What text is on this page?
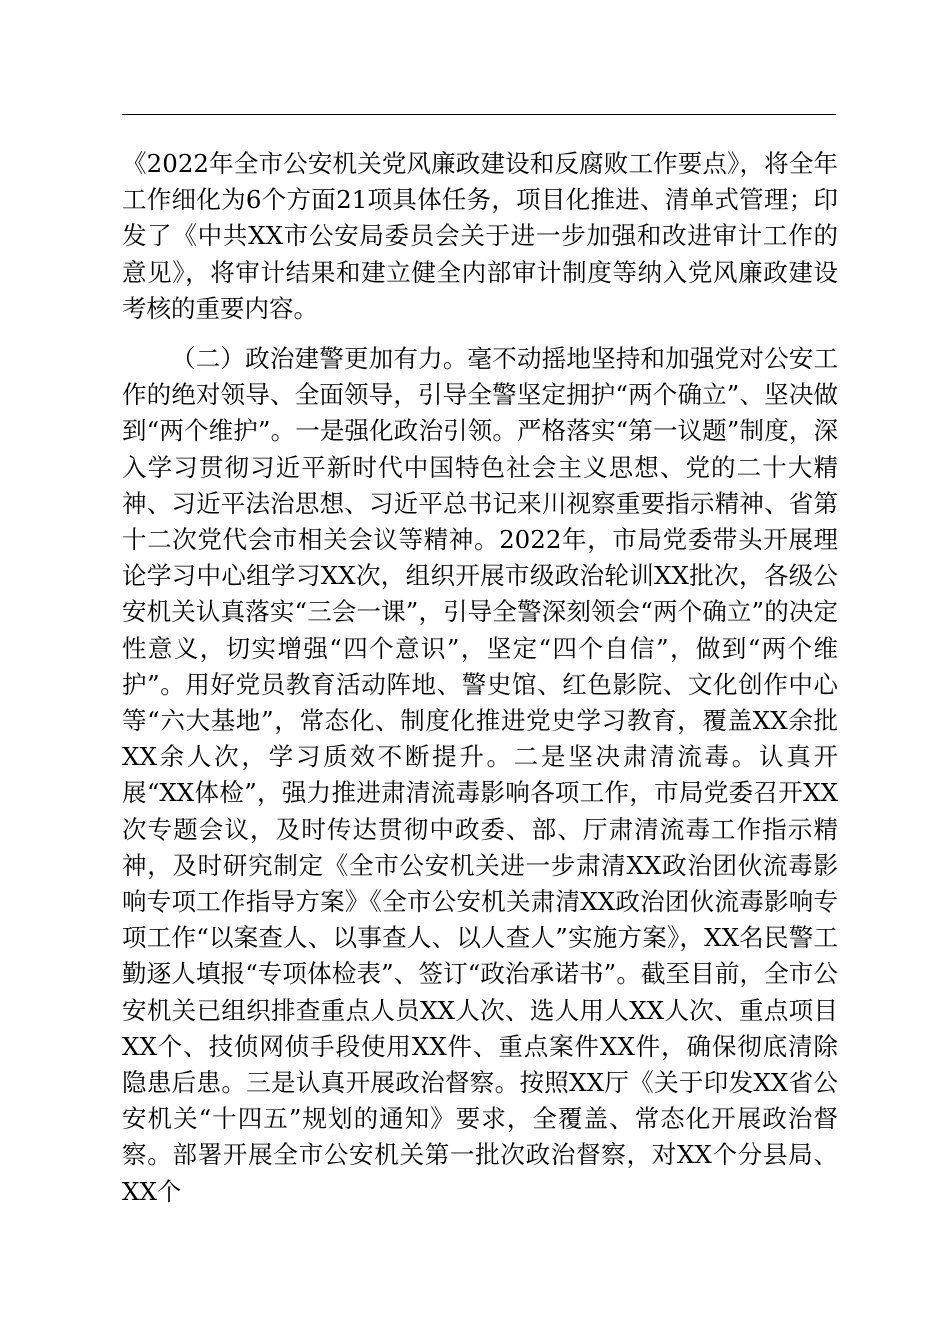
《2022年全市公安机关党风廉政建设和反腐败工作要点》，将全年工作细化为6个方面21项具体任务，项目化推进、清单式管理；印发了《中共XX市公安局委员会关于进一步加强和改进审计工作的意见》，将审计结果和建立健全内部审计制度等纳入党风廉政建设考核的重要内容。

（二）政治建警更加有力。毫不动摇地坚持和加强党对公安工作的绝对领导、全面领导，引导全警坚定拥护“两个确立”、坚决做到“两个维护”。一是强化政治引领。严格落实“第一议题”制度，深入学习贯彻习近平新时代中国特色社会主义思想、党的二十大精神、习近平法治思想、习近平总书记来川视察重要指示精神、省第十二次党代会市相关会议等精神。2022年，市局党委带头开展理论学习中心组学习XX次，组织开展市级政治轮训XX批次，各级公安机关认真落实“三会一课”，引导全警深刻领会“两个确立”的决定性意义，切实增强“四个意识”，坚定“四个自信”，做到“两个维护”。用好党员教育活动阵地、警史馆、红色影院、文化创作中心等“六大基地”，常态化、制度化推进党史学习教育，覆盖XX余批XX余人次，学习质效不断提升。二是坚决肃清流毒。认真开展“XX体检”，强力推进肃清流毒影响各项工作，市局党委召开XX次专题会议，及时传达贯彻中政委、部、厅肃清流毒工作指示精神，及时研究制定《全市公安机关进一步肃清XX政治团伙流毒影响专项工作指导方案》《全市公安机关肃清XX政治团伙流毒影响专项工作“以案查人、以事查人、以人查人”实施方案》，XX名民警工勤逐人填报“专项体检表”、签订“政治承诺书”。截至目前，全市公安机关已组织排查重点人员XX人次、选人用人XX人次、重点项目XX个、技侦网侦手段使用XX件、重点案件XX件，确保彻底清除隐患后患。三是认真开展政治督察。按照XX厅《关于印发XX省公安机关“十四五”规划的通知》要求，全覆盖、常态化开展政治督察。部署开展全市公安机关第一批次政治督察，对XX个分县局、XX个
